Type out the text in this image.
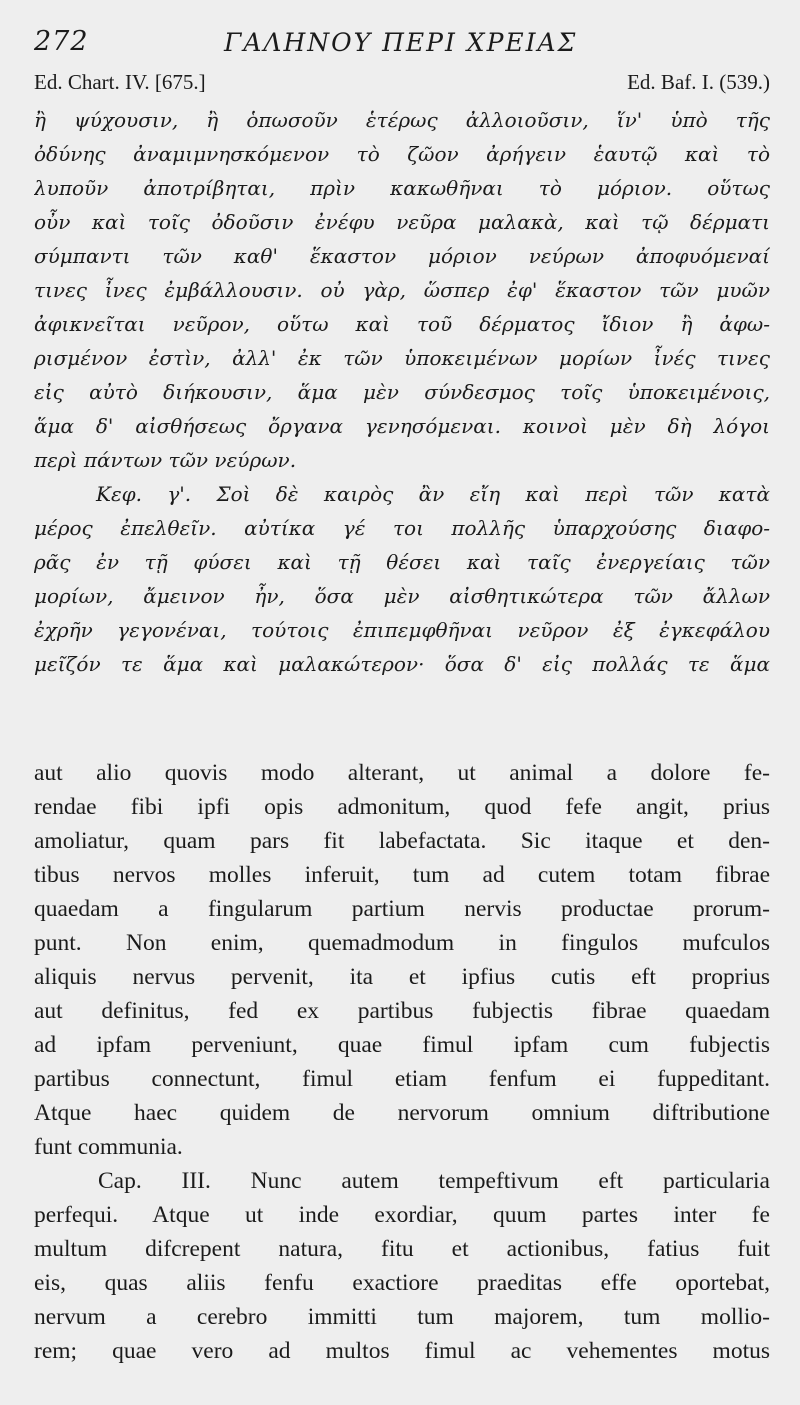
272	ΓΑΛΗΝΟΥ ΠΕΡΙ ΧΡΕΙΑΣ
Ed. Chart. IV. [675.]	Ed. Baf. I. (539.)
ἢ ψύχουσιν, ἢ ὁπωσοῦν ἑτέρως ἀλλοιοῦσιν, ἵν' ὑπὸ τῆς
ὀδύνης ἀναμιμνησκόμενον τὸ ζῶον ἀρήγειν ἑαυτῷ καὶ τὸ
λυποῦν ἀποτρίβηται, πρὶν κακωθῆναι τὸ μόριον. οὕτως
οὖν καὶ τοῖς ὀδοῦσιν ἐνέφυ νεῦρα μαλακὰ, καὶ τῷ δέρματι
σύμπαντι τῶν καθ' ἕκαστον μόριον νεύρων ἀποφυόμεναί
τινες ἶνες ἐμβάλλουσιν. οὐ γὰρ, ὥσπερ ἐφ' ἕκαστον τῶν μυῶν
ἀφικνεῖται νεῦρον, οὕτω καὶ τοῦ δέρματος ἴδιον ἢ ἀφω-
ρισμένον ἐστὶν, ἀλλ' ἐκ τῶν ὑποκειμένων μορίων ἶνές τινες
εἰς αὐτὸ διήκουσιν, ἅμα μὲν σύνδεσμος τοῖς ὑποκειμένοις,
ἅμα δ' αἰσθήσεως ὄργανα γενησόμεναι. κοινοὶ μὲν δὴ λόγοι
περὶ πάντων τῶν νεύρων.
Κεφ. γ'. Σοὶ δὲ καιρὸς ἂν εἴη καὶ περὶ τῶν κατὰ
μέρος ἐπελθεῖν. αὐτίκα γέ τοι πολλῆς ὑπαρχούσης διαφο-
ρᾶς ἐν τῇ φύσει καὶ τῇ θέσει καὶ ταῖς ἐνεργείαις τῶν
μορίων, ἄμεινον ἦν, ὅσα μὲν αἰσθητικώτερα τῶν ἄλλων
ἐχρῆν γεγονέναι, τούτοις ἐπιπεμφθῆναι νεῦρον ἐξ ἐγκεφάλου
μεῖζόν τε ἅμα καὶ μαλακώτερον· ὅσα δ' εἰς πολλάς τε ἅμα
aut alio quovis modo alterant, ut animal a dolore fe-
rendae fibi ipfi opis admonitum, quod fefe angit, prius
amoliatur, quam pars fit labefactata. Sic itaque et den-
tibus nervos molles inferuit, tum ad cutem totam fibrae
quaedam a fingularum partium nervis productae prorum-
punt. Non enim, quemadmodum in fingulos mufculos
aliquis nervus pervenit, ita et ipfius cutis eft proprius
aut definitus, fed ex partibus fubjectis fibrae quaedam
ad ipfam perveniunt, quae fimul ipfam cum fubjectis
partibus connectunt, fimul etiam fenfum ei fuppeditant.
Atque haec quidem de nervorum omnium diftributione
funt communia.
Cap. III. Nunc autem tempeftivum eft particularia
perfequi. Atque ut inde exordiar, quum partes inter fe
multum difcrepent natura, fitu et actionibus, fatius fuit
eis, quas aliis fenfu exactiore praeditas effe oportebat,
nervum a cerebro immitti tum majorem, tum mollio-
rem; quae vero ad multos fimul ac vehementes motus
